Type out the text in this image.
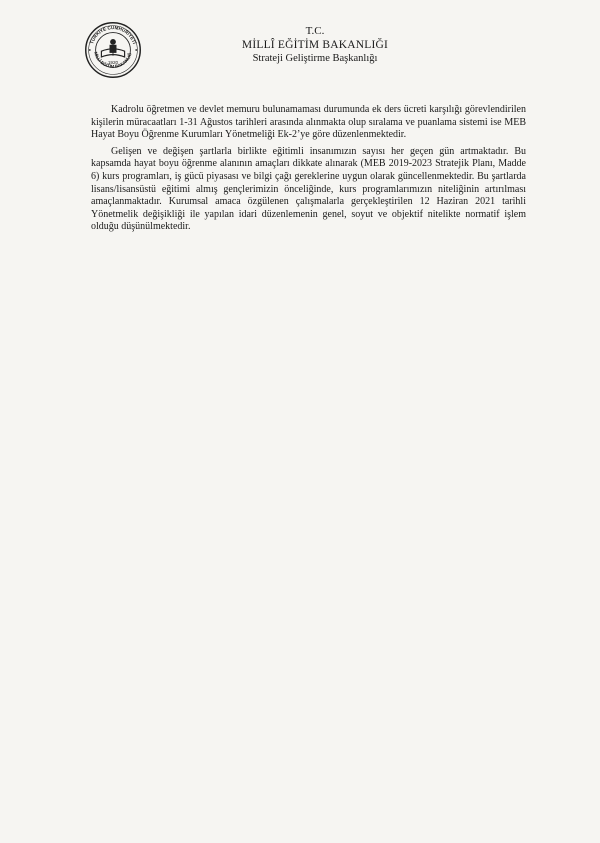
TÜRKİYE CUMHURİYETİ
MİLLÎ EĞİTİM BAKANLIĞ
1920
T.C.
MİLLÎ EĞİTİM BAKANLIĞI
Strateji Geliştirme Başkanlığı

Kadrolu öğretmen ve devlet memuru bulunamaması durumunda ek ders ücreti karşılığı görevlendirilen kişilerin müracaatları 1-31 Ağustos tarihleri arasında alınmakta olup sıralama ve puanlama sistemi ise MEB Hayat Boyu Öğrenme Kurumları Yönetmeliği Ek-2’ye göre düzenlenmektedir.

Gelişen ve değişen şartlarla birlikte eğitimli insanımızın sayısı her geçen gün artmaktadır. Bu kapsamda hayat boyu öğrenme alanının amaçları dikkate alınarak (MEB 2019-2023 Stratejik Planı, Madde 6) kurs programları, iş gücü piyasası ve bilgi çağı gereklerine uygun olarak güncellenmektedir. Bu şartlarda lisans/lisansüstü eğitimi almış gençlerimizin önceliğinde, kurs programlarımızın niteliğinin artırılması amaçlanmaktadır. Kurumsal amaca özgülenen çalışmalarla gerçekleştirilen 12 Haziran 2021 tarihli Yönetmelik değişikliği ile yapılan idari düzenlemenin genel, soyut ve objektif nitelikte normatif işlem olduğu düşünülmektedir.
